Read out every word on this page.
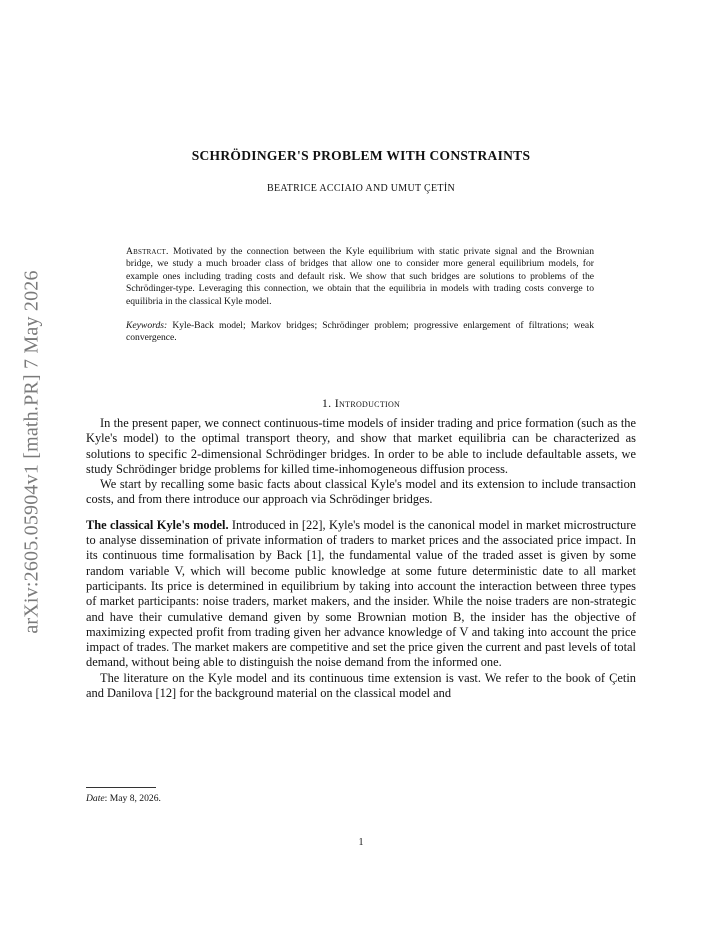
arXiv:2605.05904v1 [math.PR] 7 May 2026
SCHRÖDINGER'S PROBLEM WITH CONSTRAINTS
BEATRICE ACCIAIO AND UMUT ÇETİN
Abstract. Motivated by the connection between the Kyle equilibrium with static private signal and the Brownian bridge, we study a much broader class of bridges that allow one to consider more general equilibrium models, for example ones including trading costs and default risk. We show that such bridges are solutions to problems of the Schrödinger-type. Leveraging this connection, we obtain that the equilibria in models with trading costs converge to equilibria in the classical Kyle model.
Keywords: Kyle-Back model; Markov bridges; Schrödinger problem; progressive enlargement of filtrations; weak convergence.
1. Introduction

In the present paper, we connect continuous-time models of insider trading and price formation (such as the Kyle's model) to the optimal transport theory, and show that market equilibria can be characterized as solutions to specific 2-dimensional Schrödinger bridges. In order to be able to include defaultable assets, we study Schrödinger bridge problems for killed time-inhomogeneous diffusion process.

We start by recalling some basic facts about classical Kyle's model and its extension to include transaction costs, and from there introduce our approach via Schrödinger bridges.

The classical Kyle's model. Introduced in [22], Kyle's model is the canonical model in market microstructure to analyse dissemination of private information of traders to market prices and the associated price impact. In its continuous time formalisation by Back [1], the fundamental value of the traded asset is given by some random variable V, which will become public knowledge at some future deterministic date to all market participants. Its price is determined in equilibrium by taking into account the interaction between three types of market participants: noise traders, market makers, and the insider. While the noise traders are non-strategic and have their cumulative demand given by some Brownian motion B, the insider has the objective of maximizing expected profit from trading given her advance knowledge of V and taking into account the price impact of trades. The market makers are competitive and set the price given the current and past levels of total demand, without being able to distinguish the noise demand from the informed one.

The literature on the Kyle model and its continuous time extension is vast. We refer to the book of Çetin and Danilova [12] for the background material on the classical model and

Date: May 8, 2026.
1
